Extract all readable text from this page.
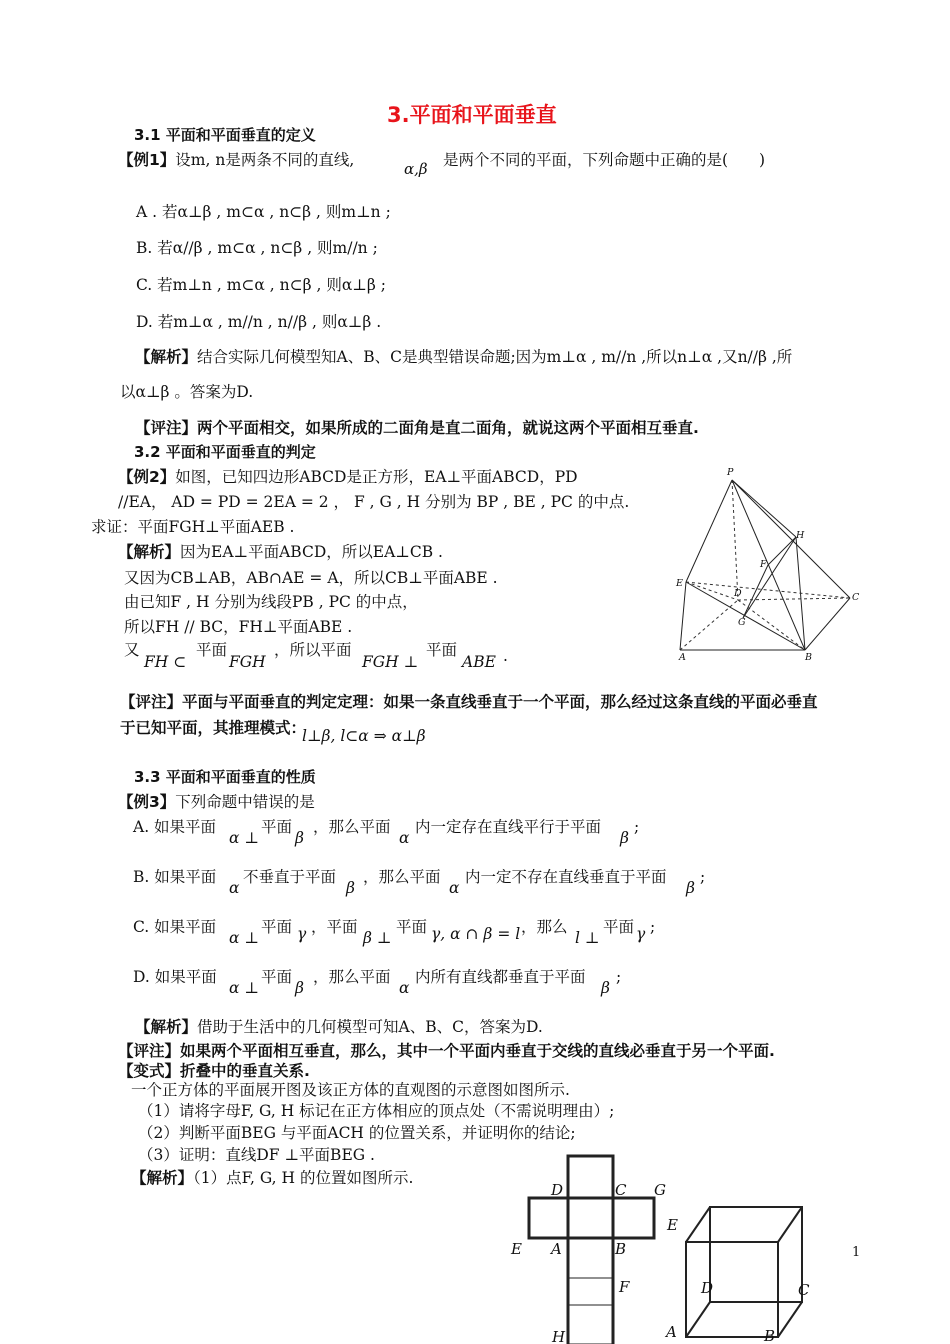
3.平面和平面垂直
3.1 平面和平面垂直的定义
【例1】设m, n是两条不同的直线,	α,β 是两个不同的平面，下列命题中正确的是(　　)
A . 若α⊥β , m⊂α , n⊂β , 则m⊥n ;
B. 若α//β , m⊂α , n⊂β , 则m//n ;
C. 若m⊥n , m⊂α , n⊂β , 则α⊥β ;
D. 若m⊥α , m//n , n//β , 则α⊥β .
【解析】结合实际几何模型知A、B、C是典型错误命题;因为m⊥α , m//n ,所以n⊥α ,又n//β ,所
以α⊥β 。答案为D.
【评注】两个平面相交，如果所成的二面角是直二面角，就说这两个平面相互垂直.
3.2 平面和平面垂直的判定
【例2】如图，已知四边形ABCD是正方形，EA⊥平面ABCD，PD
//EA， AD = PD = 2EA = 2 ， F , G , H 分别为 BP , BE , PC 的中点.
求证：平面FGH⊥平面AEB .
【解析】因为EA⊥平面ABCD，所以EA⊥CB .
又因为CB⊥AB，AB∩AE = A，所以CB⊥平面ABE .
由已知F , H 分别为线段PB , PC 的中点，
所以FH // BC，FH⊥平面ABE .
又
FH ⊂
平面
FGH
，所以平面
FGH ⊥
平面
ABE .
P
H
F
E
D	C
G
A	B
【评注】平面与平面垂直的判定定理：如果一条直线垂直于一个平面，那么经过这条直线的平面必垂直
于已知平面，其推理模式：
l⊥β, l⊂α ⇒ α⊥β
3.3 平面和平面垂直的性质
【例3】下列命题中错误的是
A. 如果平面
α ⊥
平面
β
，那么平面
α
内一定存在直线平行于平面
β
;
B. 如果平面
α
不垂直于平面
β
，那么平面
α
内一定不存在直线垂直于平面
β
;
C. 如果平面
α ⊥
平面 γ ，平面
β ⊥
平面 γ, α ∩ β = l ，那么
l ⊥
平面 γ ;
D. 如果平面
α ⊥
平面
β
，那么平面
α
内所有直线都垂直于平面
β
;
【解析】借助于生活中的几何模型可知A、B、C，答案为D.
【评注】如果两个平面相互垂直，那么，其中一个平面内垂直于交线的直线必垂直于另一个平面.
【变式】折叠中的垂直关系.
一个正方体的平面展开图及该正方体的直观图的示意图如图所示.
（1）请将字母F, G, H 标记在正方体相应的顶点处（不需说明理由）;
（2）判断平面BEG 与平面ACH 的位置关系，并证明你的结论;
（3）证明：直线DF ⊥平面BEG .
【解析】（1）点F, G, H 的位置如图所示.
D	C G
E A	B
F
H
E
D	C
A	B
1
